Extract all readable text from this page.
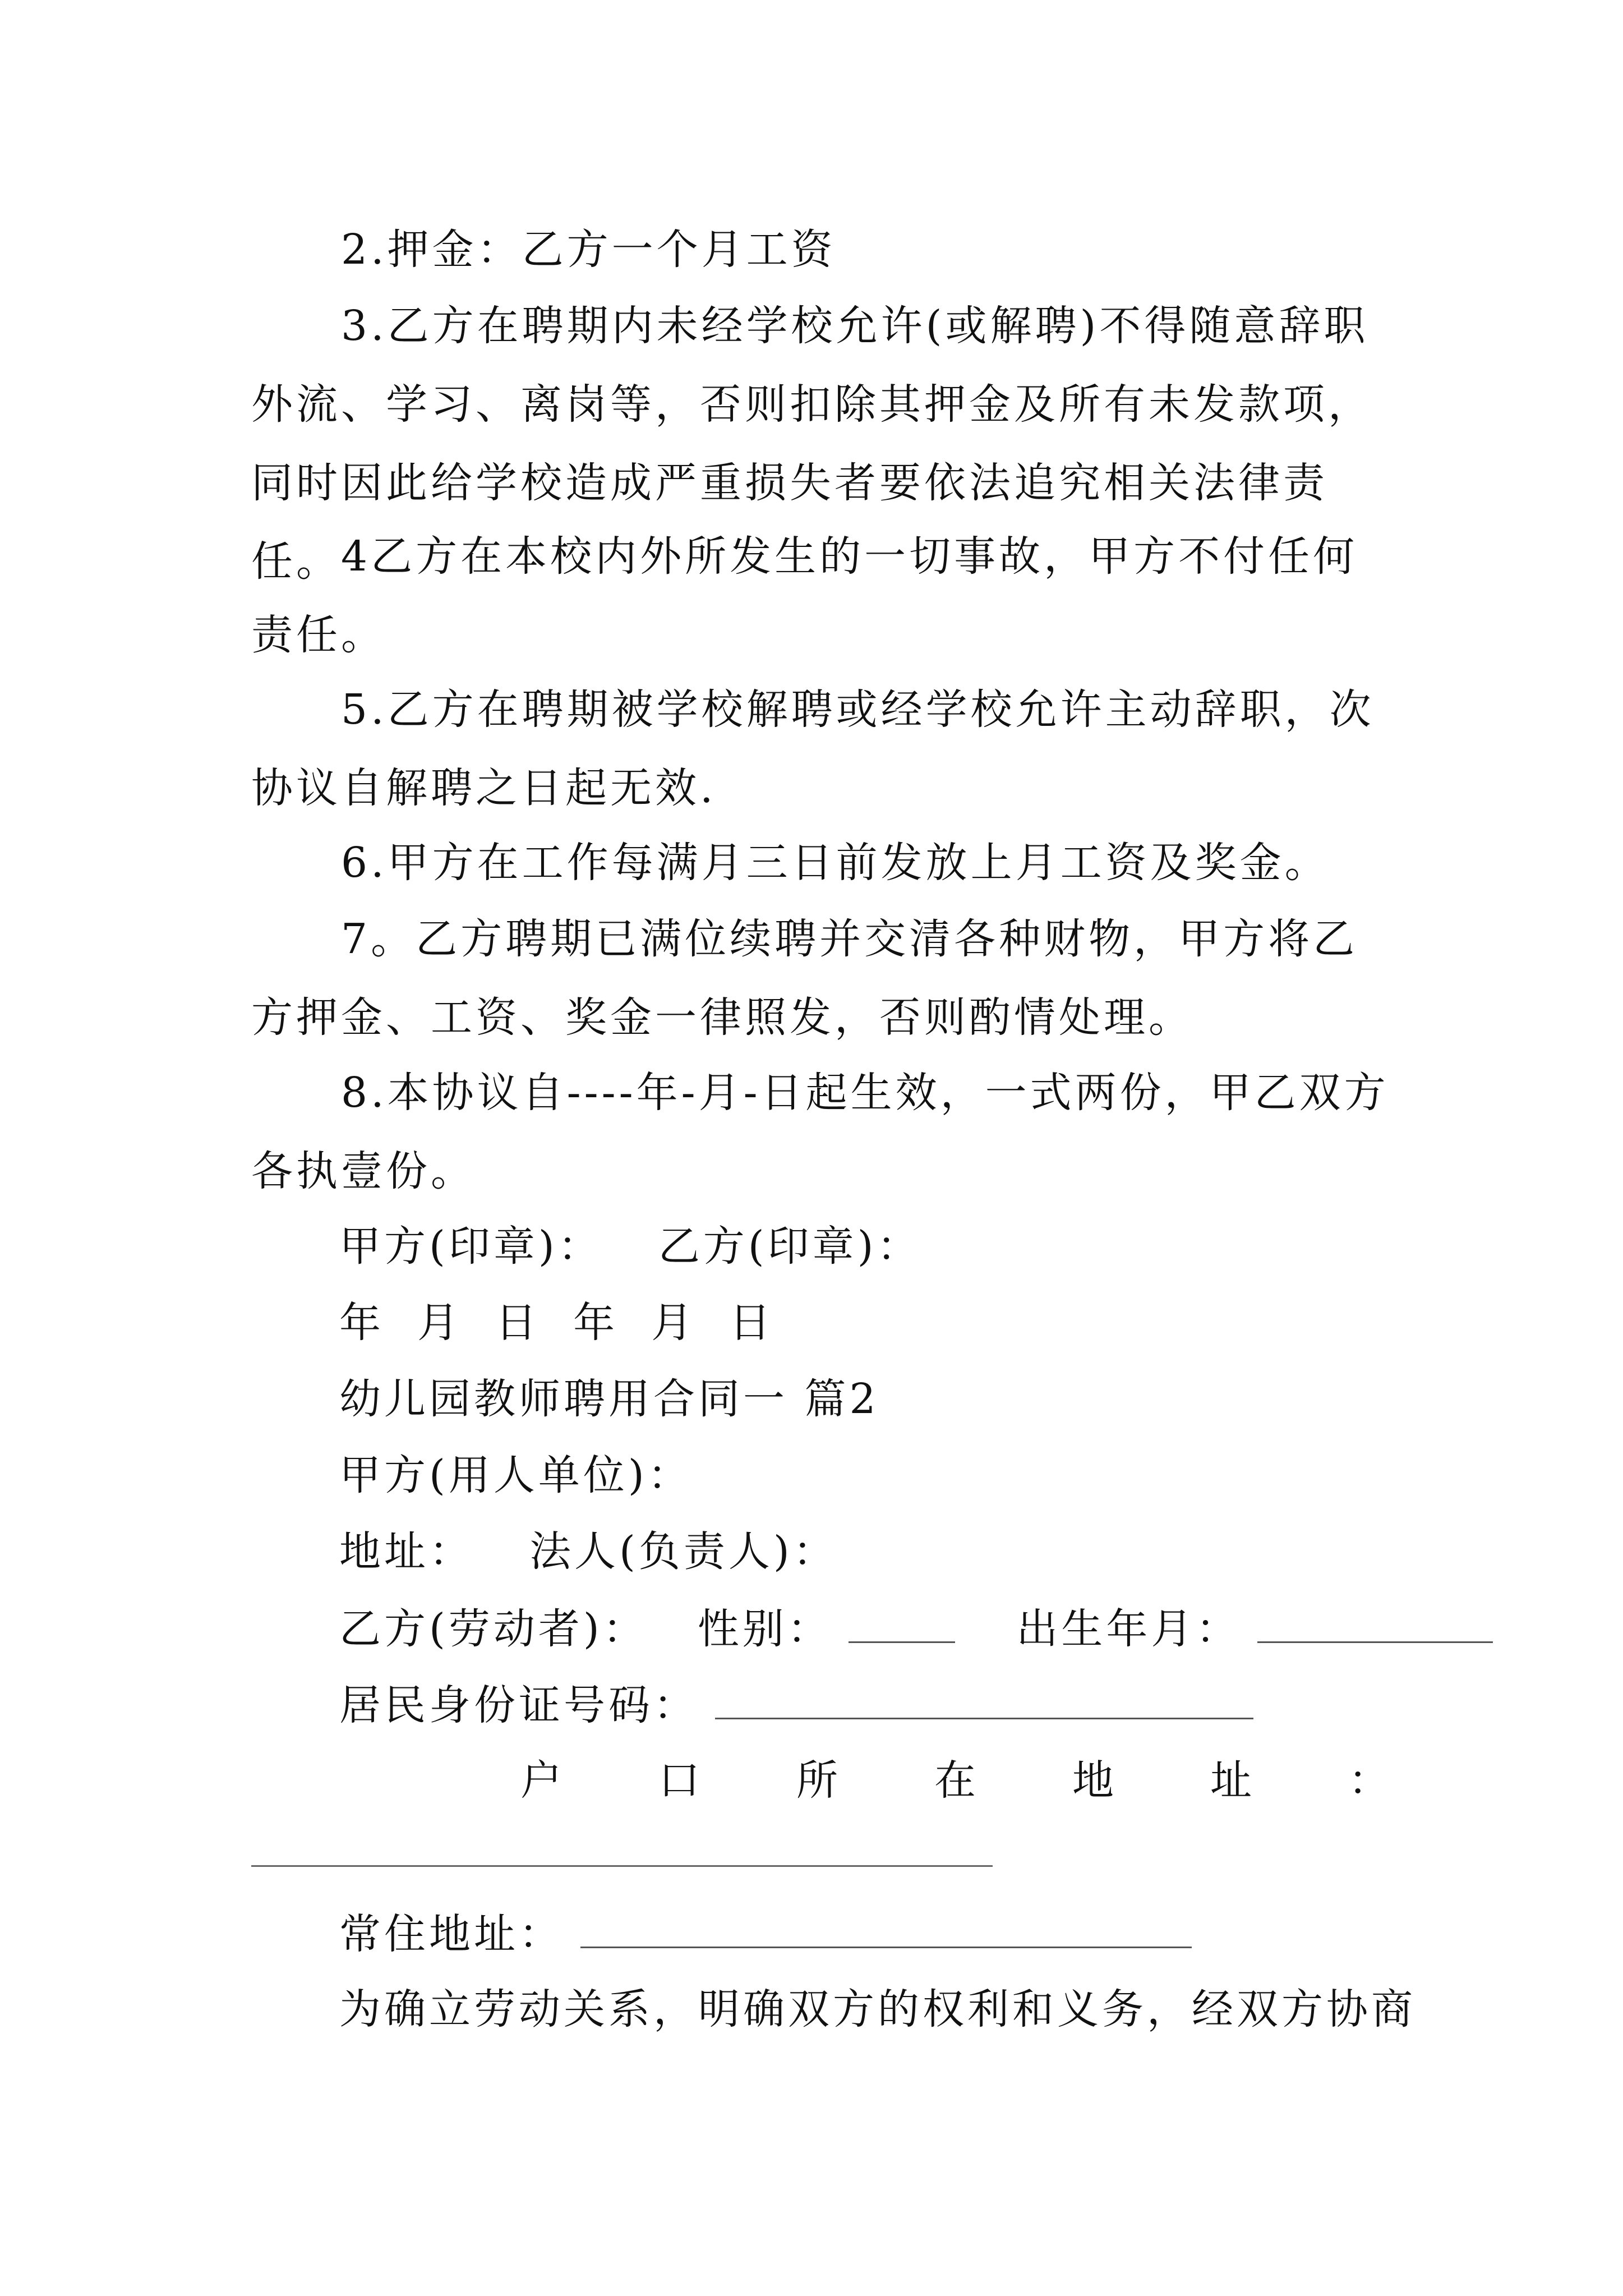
2.押金：乙方一个月工资
3.乙方在聘期内未经学校允许(或解聘)不得随意辞职外流、学习、离岗等，否则扣除其押金及所有未发款项，同时因此给学校造成严重损失者要依法追究相关法律责任。 4乙方在本校内外所发生的一切事故，甲方不付任何责任。
5.乙方在聘期被学校解聘或经学校允许主动辞职，次协议自解聘之日起无效.
6.甲方在工作每满月三日前发放上月工资及奖金。
7。乙方聘期已满位续聘并交清各种财物，甲方将乙方押金、工资、奖金一律照发，否则酌情处理。
8.本协议自----年-月-日起生效，一式两份，甲乙双方各执壹份。
甲方(印章)： 乙方(印章)：
年  月  日  年  月  日
幼儿园教师聘用合同一 篇2
甲方(用人单位)：
地址： 法人(负责人)：
乙方(劳动者)： 性别：	出生年月：
居民身份证号码：
户 口 所 在 地 址 ：
常住地址：
为确立劳动关系，明确双方的权利和义务，经双方协商
